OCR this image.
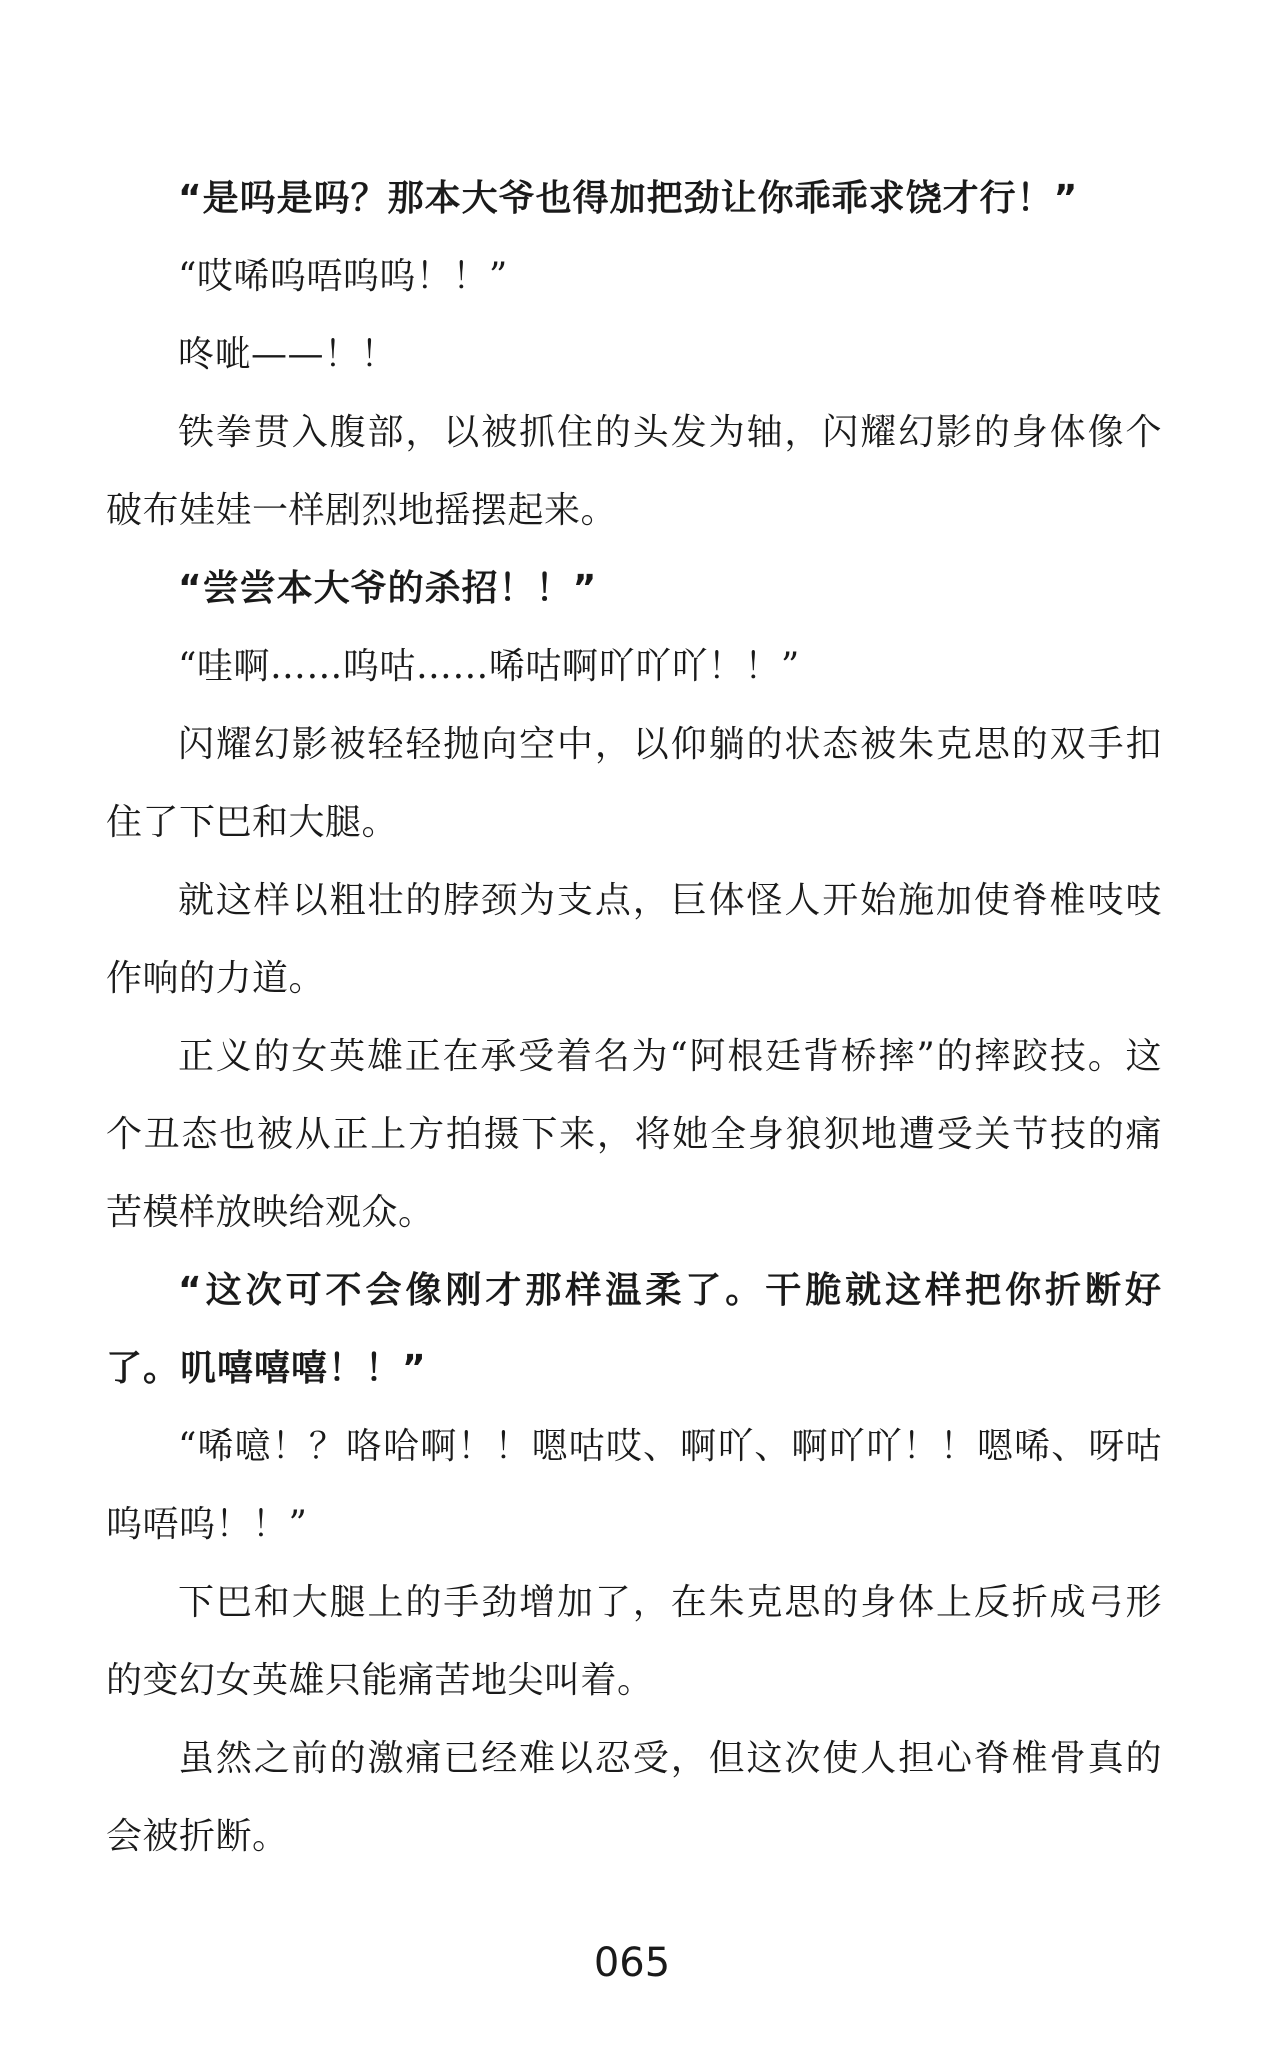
“是吗是吗？那本大爷也得加把劲让你乖乖求饶才行！”

“哎唏呜唔呜呜！！”

咚呲——！！

铁拳贯入腹部，以被抓住的头发为轴，闪耀幻影的身体像个破布娃娃一样剧烈地摇摆起来。

“尝尝本大爷的杀招！！”

“哇啊……呜咕……唏咕啊吖吖吖！！”

闪耀幻影被轻轻抛向空中，以仰躺的状态被朱克思的双手扣住了下巴和大腿。

就这样以粗壮的脖颈为支点，巨体怪人开始施加使脊椎吱吱作响的力道。

正义的女英雄正在承受着名为“阿根廷背桥摔”的摔跤技。这个丑态也被从正上方拍摄下来，将她全身狼狈地遭受关节技的痛苦模样放映给观众。

“这次可不会像刚才那样温柔了。干脆就这样把你折断好了。叽嘻嘻嘻！！”

“唏噫！？咯哈啊！！嗯咕哎、啊吖、啊吖吖！！嗯唏、呀咕呜唔呜！！”

下巴和大腿上的手劲增加了，在朱克思的身体上反折成弓形的变幻女英雄只能痛苦地尖叫着。

虽然之前的激痛已经难以忍受，但这次使人担心脊椎骨真的会被折断。

065
